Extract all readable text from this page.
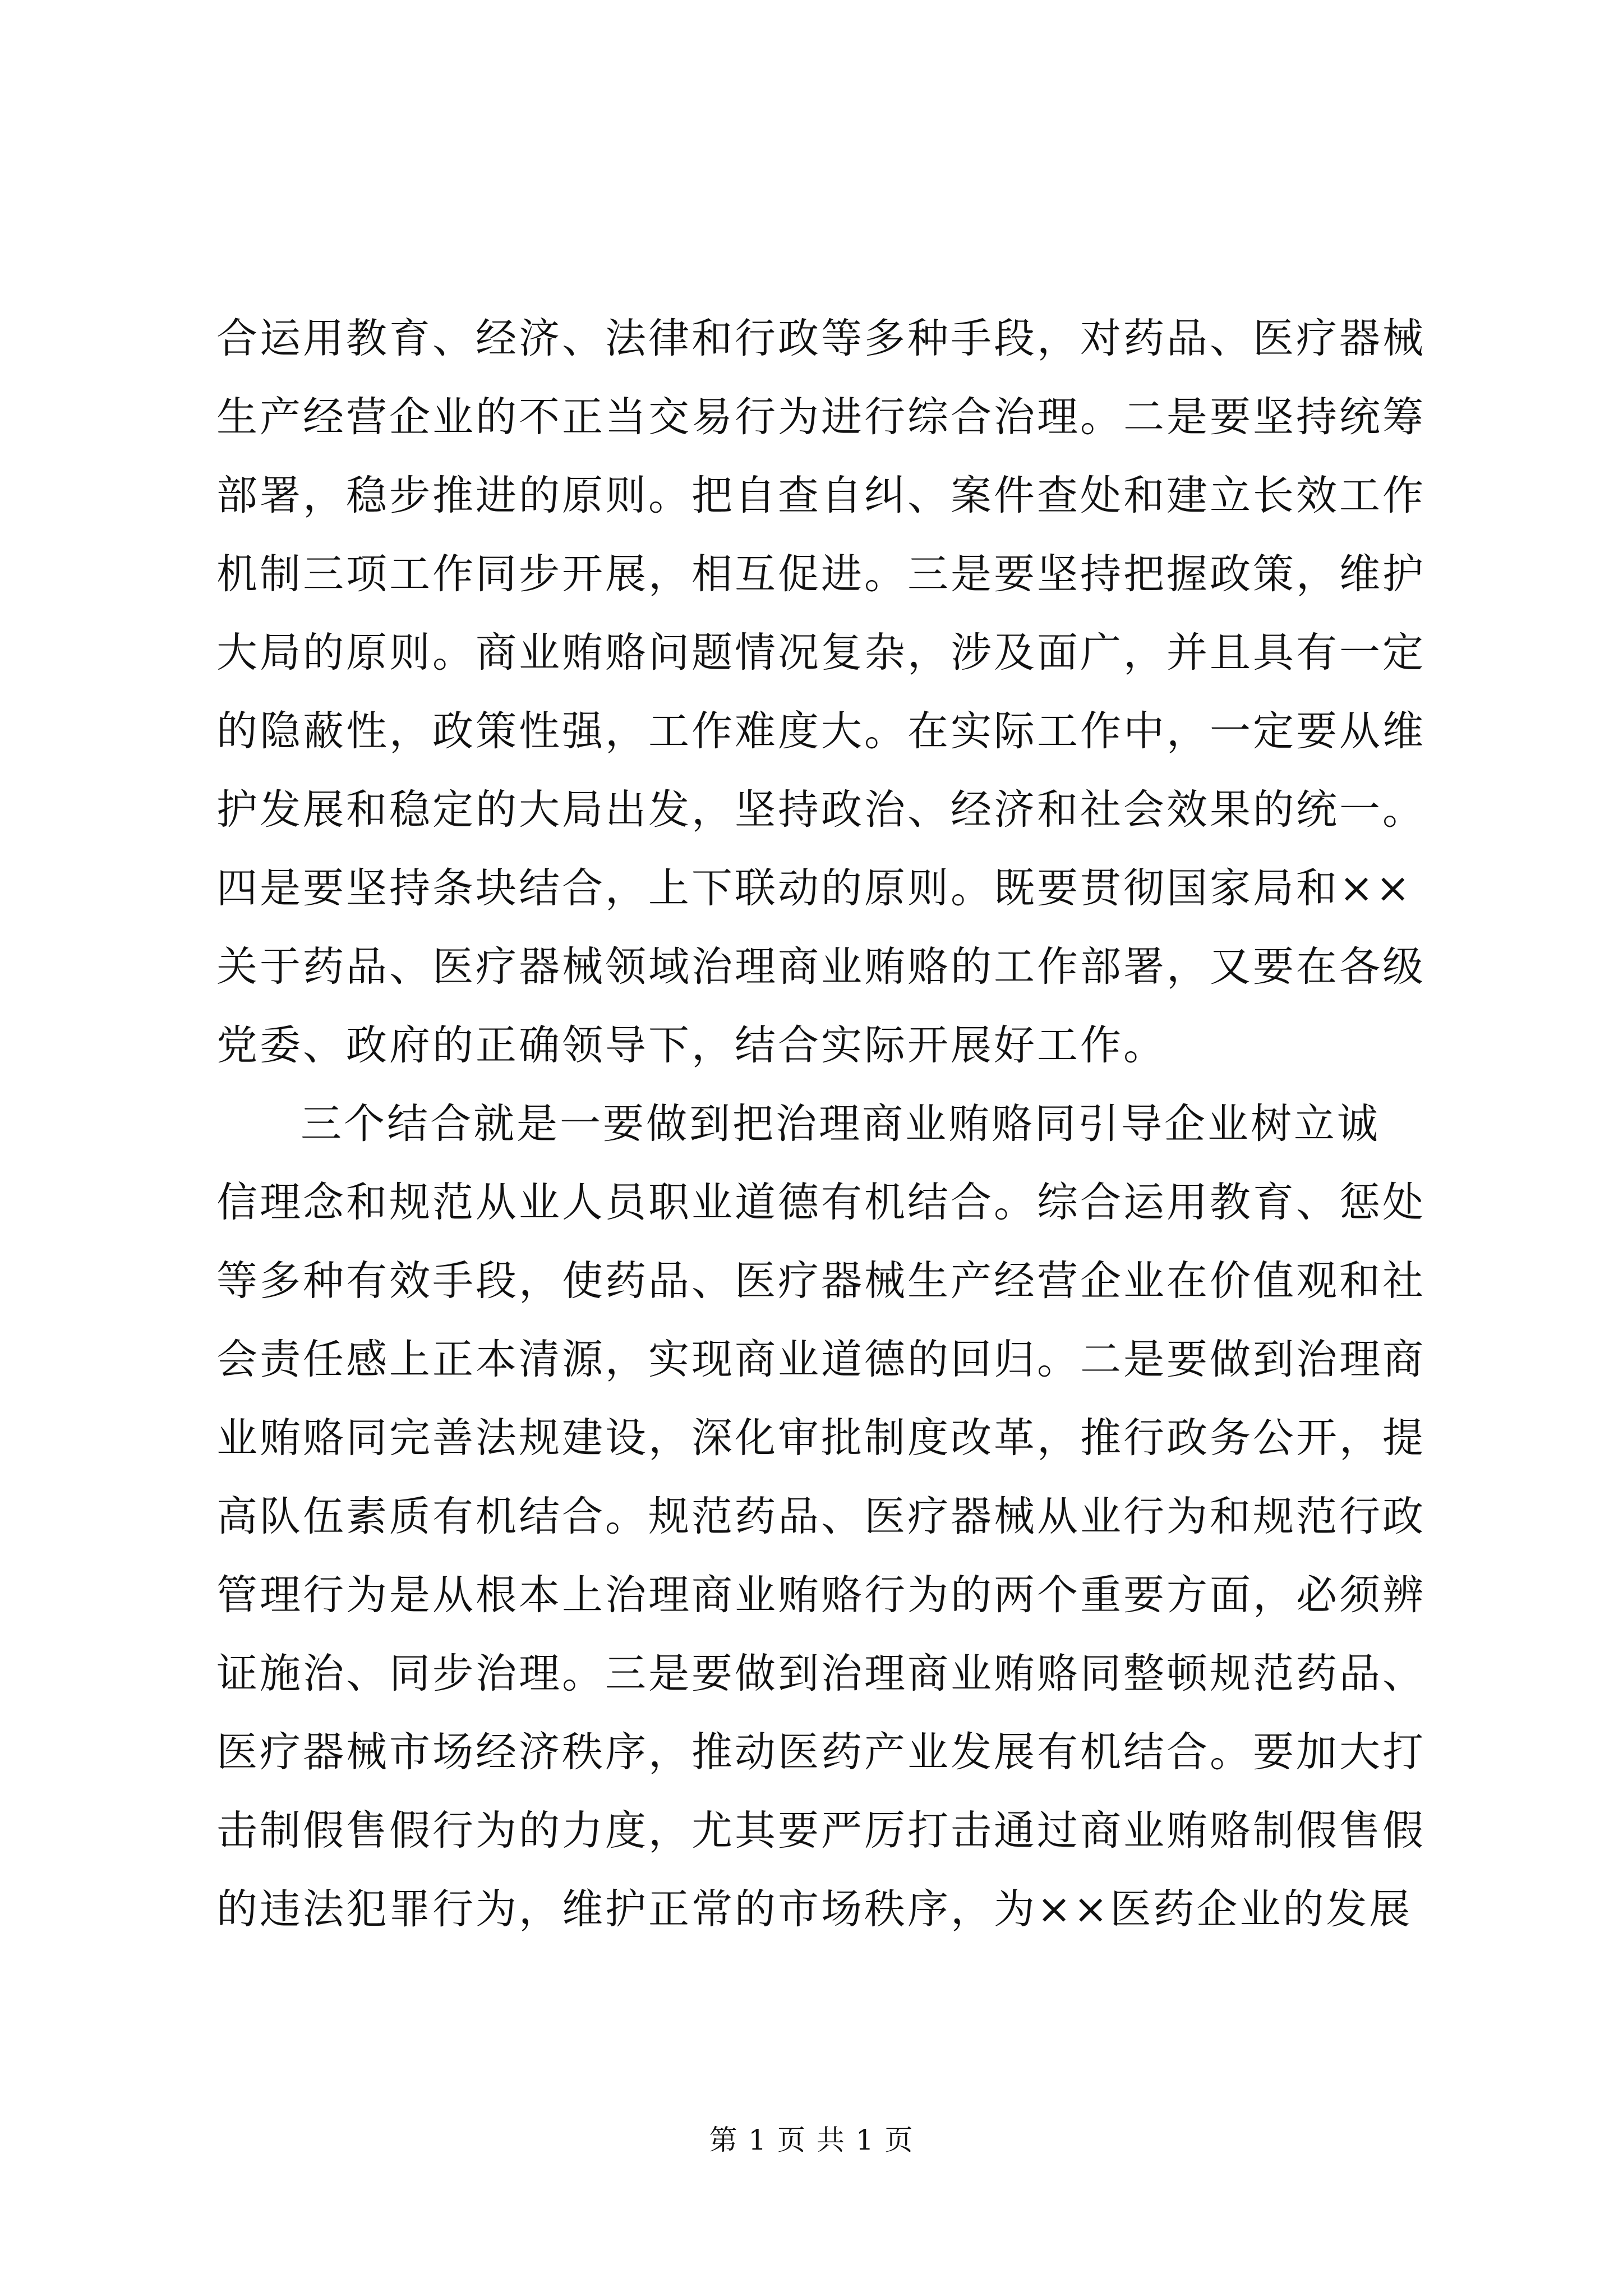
合运用教育、经济、法律和行政等多种手段，对药品、医疗器械
生产经营企业的不正当交易行为进行综合治理。二是要坚持统筹
部署，稳步推进的原则。把自查自纠、案件查处和建立长效工作
机制三项工作同步开展，相互促进。三是要坚持把握政策，维护
大局的原则。商业贿赂问题情况复杂，涉及面广，并且具有一定
的隐蔽性，政策性强，工作难度大。在实际工作中，一定要从维
护发展和稳定的大局出发，坚持政治、经济和社会效果的统一。
四是要坚持条块结合，上下联动的原则。既要贯彻国家局和××
关于药品、医疗器械领域治理商业贿赂的工作部署，又要在各级
党委、政府的正确领导下，结合实际开展好工作。
三个结合就是一要做到把治理商业贿赂同引导企业树立诚
信理念和规范从业人员职业道德有机结合。综合运用教育、惩处
等多种有效手段，使药品、医疗器械生产经营企业在价值观和社
会责任感上正本清源，实现商业道德的回归。二是要做到治理商
业贿赂同完善法规建设，深化审批制度改革，推行政务公开，提
高队伍素质有机结合。规范药品、医疗器械从业行为和规范行政
管理行为是从根本上治理商业贿赂行为的两个重要方面，必须辨
证施治、同步治理。三是要做到治理商业贿赂同整顿规范药品、
医疗器械市场经济秩序，推动医药产业发展有机结合。要加大打
击制假售假行为的力度，尤其要严厉打击通过商业贿赂制假售假
的违法犯罪行为，维护正常的市场秩序，为××医药企业的发展
第 1 页 共 1 页
